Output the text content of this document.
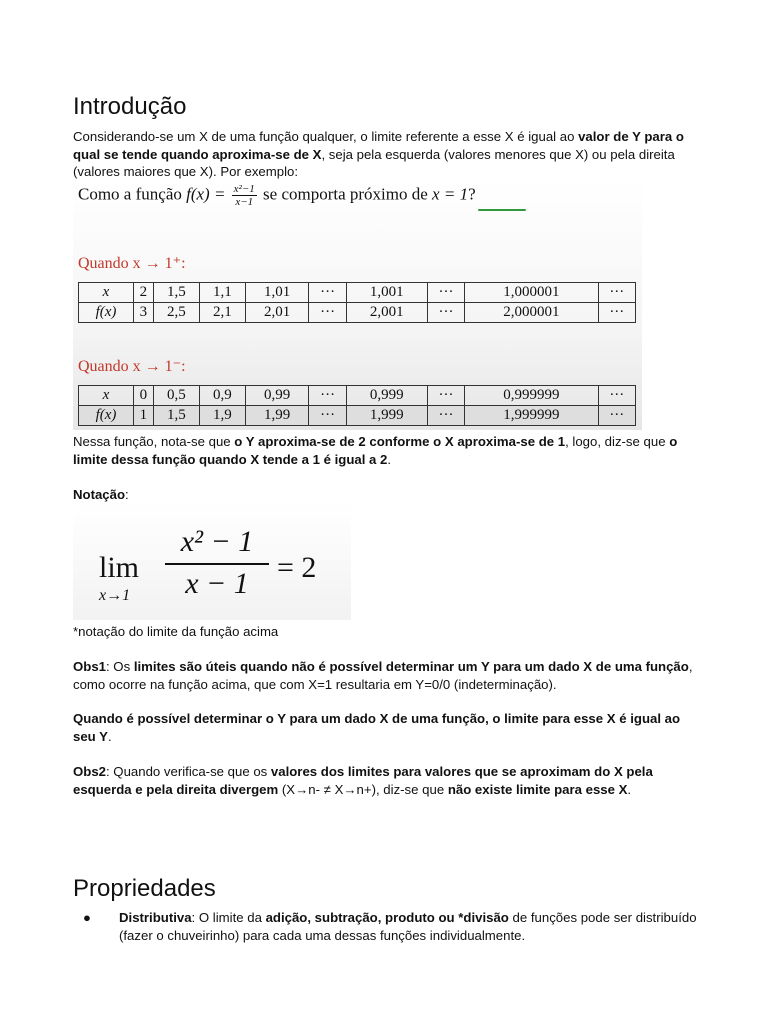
Introdução

Considerando-se um X de uma função qualquer, o limite referente a esse X é igual ao valor de Y para o qual se tende quando aproxima-se de X, seja pela esquerda (valores menores que X) ou pela direita (valores maiores que X). Por exemplo:

Como a função $f(x) = \frac{\text{x²−1}}{x-1}$ se comporta próximo de x = 1?
Quando x → 1⁺:
x	2	1,5	1,1	1,01	···	1,001	···	1,000001	···
f(x)	3	2,5	2,1	2,01	···	2,001	···	2,000001	···
Quando x → 1⁻:
x	0	0,5	0,9	0,99	···	0,999	···	0,999999	···
f(x)	1	1,5	1,9	1,99	···	1,999	···	1,999999	···

Nessa função, nota-se que o Y aproxima-se de 2 conforme o X aproxima-se de 1, logo, diz-se que o limite dessa função quando X tende a 1 é igual a 2.

Notação:

lim
x→1
x² − 1
x − 1 = 2

*notação do limite da função acima

Obs1: Os limites são úteis quando não é possível determinar um Y para um dado X de uma função, como ocorre na função acima, que com X=1 resultaria em Y=0/0 (indeterminação).

Quando é possível determinar o Y para um dado X de uma função, o limite para esse X é igual ao seu Y.

Obs2: Quando verifica-se que os valores dos limites para valores que se aproximam do X pela esquerda e pela direita divergem (X→n- ≠ X→n+), diz-se que não existe limite para esse X.

Propriedades
● Distributiva: O limite da adição, subtração, produto ou *divisão de funções pode ser distribuído (fazer o chuveirinho) para cada uma dessas funções individualmente.
